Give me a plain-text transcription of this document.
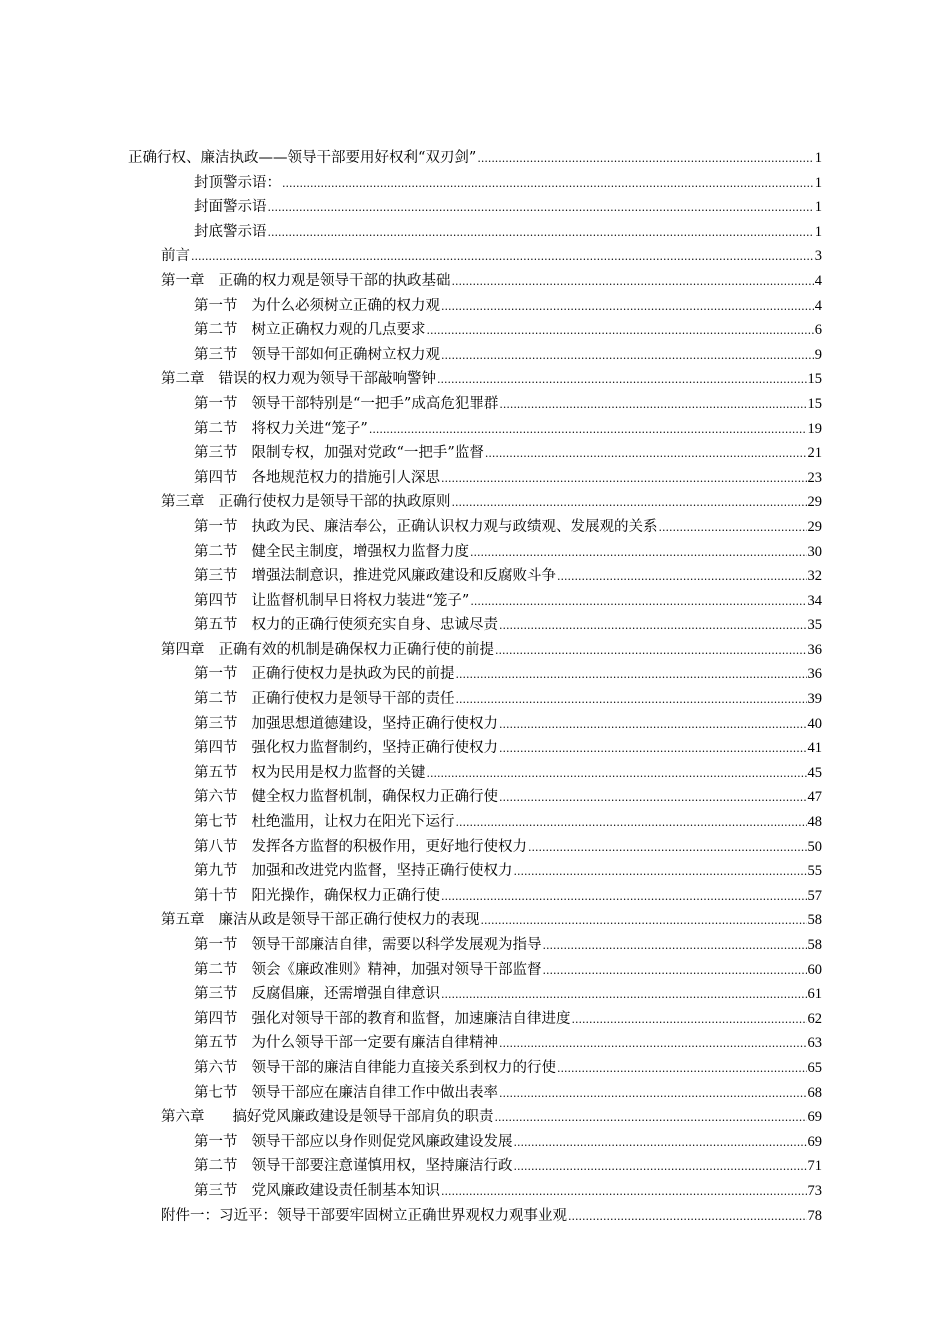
正确行权、廉洁执政——领导干部要用好权利“双刃剑” .....	1
封顶警示语： .....	1
封面警示语 .....	1
封底警示语 .....	1
前言 .....	3
第一章 正确的权力观是领导干部的执政基础 .....	4
第一节 为什么必须树立正确的权力观 .....	4
第二节 树立正确权力观的几点要求 .....	6
第三节 领导干部如何正确树立权力观 .....	9
第二章 错误的权力观为领导干部敲响警钟 .....	15
第一节 领导干部特别是“一把手”成高危犯罪群 .....	15
第二节 将权力关进“笼子” .....	19
第三节 限制专权，加强对党政“一把手”监督 .....	21
第四节 各地规范权力的措施引人深思 .....	23
第三章 正确行使权力是领导干部的执政原则 .....	29
第一节 执政为民、廉洁奉公，正确认识权力观与政绩观、发展观的关系 .....	29
第二节 健全民主制度，增强权力监督力度 .....	30
第三节 增强法制意识，推进党风廉政建设和反腐败斗争 .....	32
第四节 让监督机制早日将权力装进“笼子” .....	34
第五节 权力的正确行使须充实自身、忠诚尽责 .....	35
第四章 正确有效的机制是确保权力正确行使的前提 .....	36
第一节 正确行使权力是执政为民的前提 .....	36
第二节 正确行使权力是领导干部的责任 .....	39
第三节 加强思想道德建设，坚持正确行使权力 .....	40
第四节 强化权力监督制约，坚持正确行使权力 .....	41
第五节 权为民用是权力监督的关键 .....	45
第六节 健全权力监督机制，确保权力正确行使 .....	47
第七节 杜绝滥用，让权力在阳光下运行 .....	48
第八节 发挥各方监督的积极作用，更好地行使权力 .....	50
第九节 加强和改进党内监督，坚持正确行使权力 .....	55
第十节 阳光操作，确保权力正确行使 .....	57
第五章 廉洁从政是领导干部正确行使权力的表现 .....	58
第一节 领导干部廉洁自律，需要以科学发展观为指导 .....	58
第二节 领会《廉政准则》精神，加强对领导干部监督 .....	60
第三节 反腐倡廉，还需增强自律意识 .....	61
第四节 强化对领导干部的教育和监督，加速廉洁自律进度 .....	62
第五节 为什么领导干部一定要有廉洁自律精神 .....	63
第六节 领导干部的廉洁自律能力直接关系到权力的行使 .....	65
第七节 领导干部应在廉洁自律工作中做出表率 .....	68
第六章 搞好党风廉政建设是领导干部肩负的职责 .....	69
第一节 领导干部应以身作则促党风廉政建设发展 .....	69
第二节 领导干部要注意谨慎用权，坚持廉洁行政 .....	71
第三节 党风廉政建设责任制基本知识 .....	73
附件一：习近平：领导干部要牢固树立正确世界观权力观事业观 .....	78
